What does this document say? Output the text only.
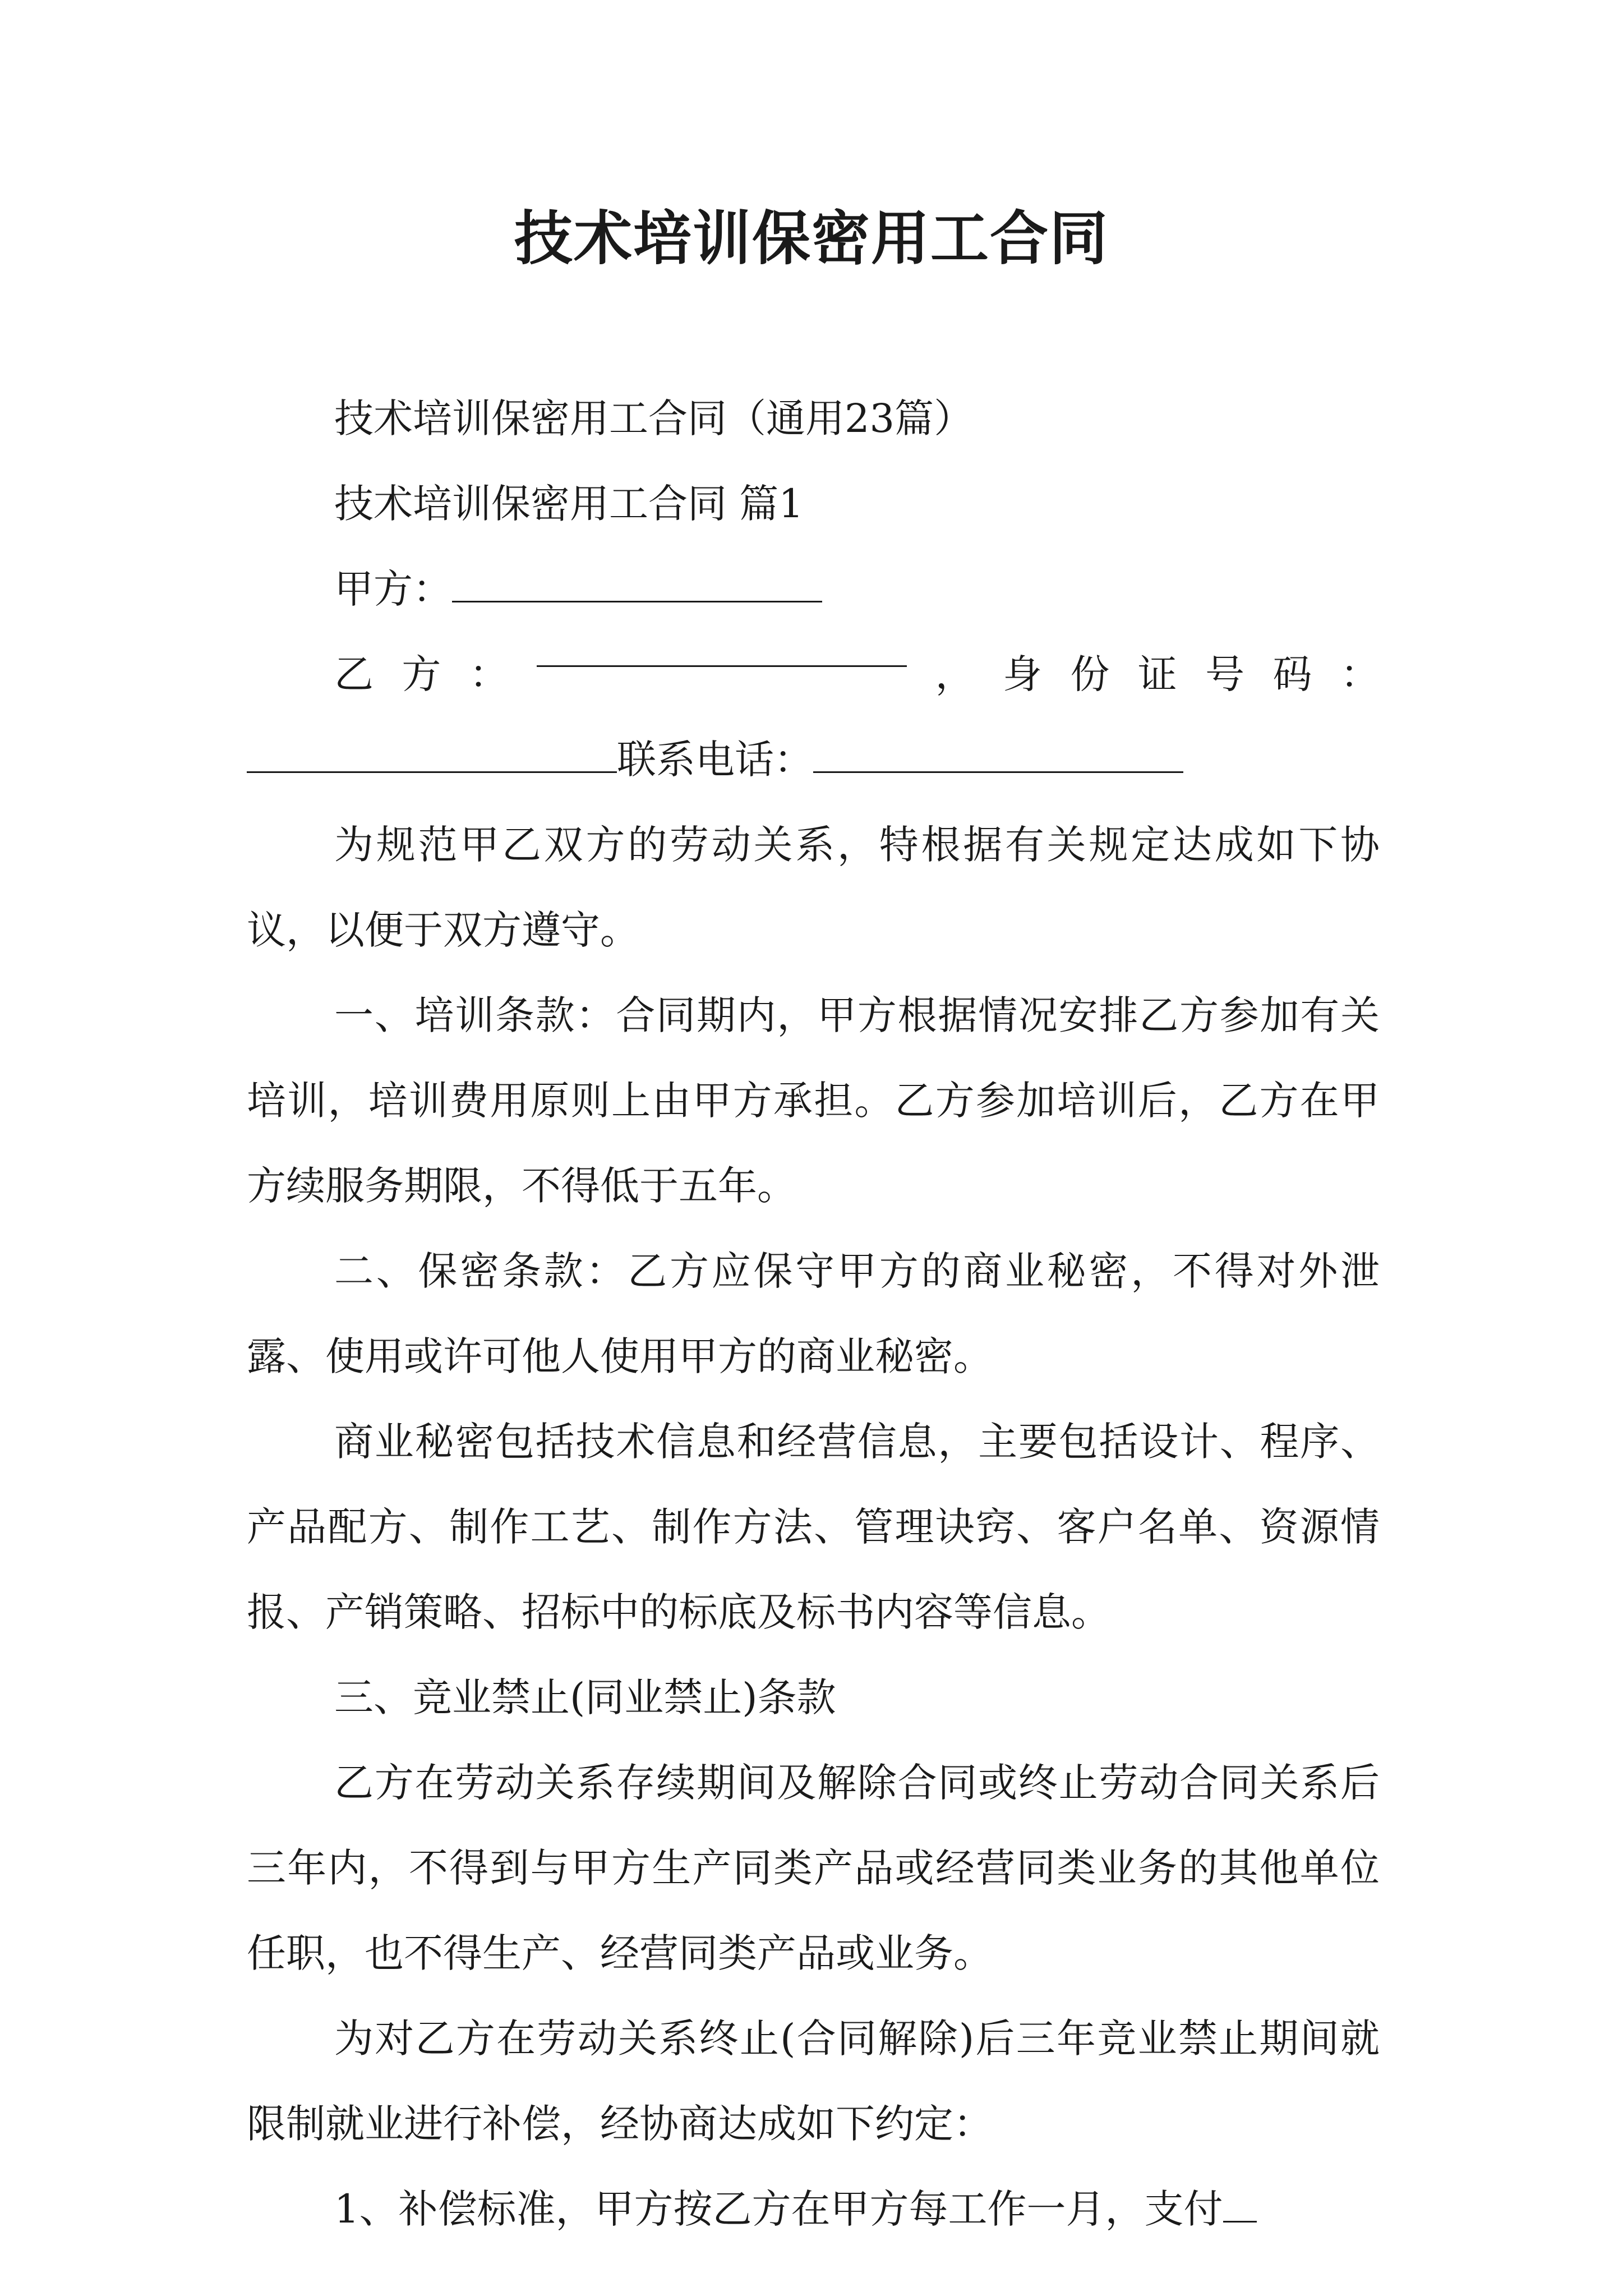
技术培训保密用工合同

技术培训保密用工合同（通用23篇）

技术培训保密用工合同 篇1

甲方：

乙 方 ：	， 身 份 证 号 码 ：

联系电话：

为规范甲乙双方的劳动关系，特根据有关规定达成如下协议，以便于双方遵守。

一、培训条款：合同期内，甲方根据情况安排乙方参加有关培训，培训费用原则上由甲方承担。乙方参加培训后，乙方在甲方续服务期限，不得低于五年。

二、保密条款：乙方应保守甲方的商业秘密，不得对外泄露、使用或许可他人使用甲方的商业秘密。

商业秘密包括技术信息和经营信息，主要包括设计、程序、产品配方、制作工艺、制作方法、管理诀窍、客户名单、资源情报、产销策略、招标中的标底及标书内容等信息。

三、竞业禁止(同业禁止)条款

乙方在劳动关系存续期间及解除合同或终止劳动合同关系后三年内，不得到与甲方生产同类产品或经营同类业务的其他单位任职，也不得生产、经营同类产品或业务。

为对乙方在劳动关系终止(合同解除)后三年竞业禁止期间就限制就业进行补偿，经协商达成如下约定：

1、补偿标准，甲方按乙方在甲方每工作一月，支付
